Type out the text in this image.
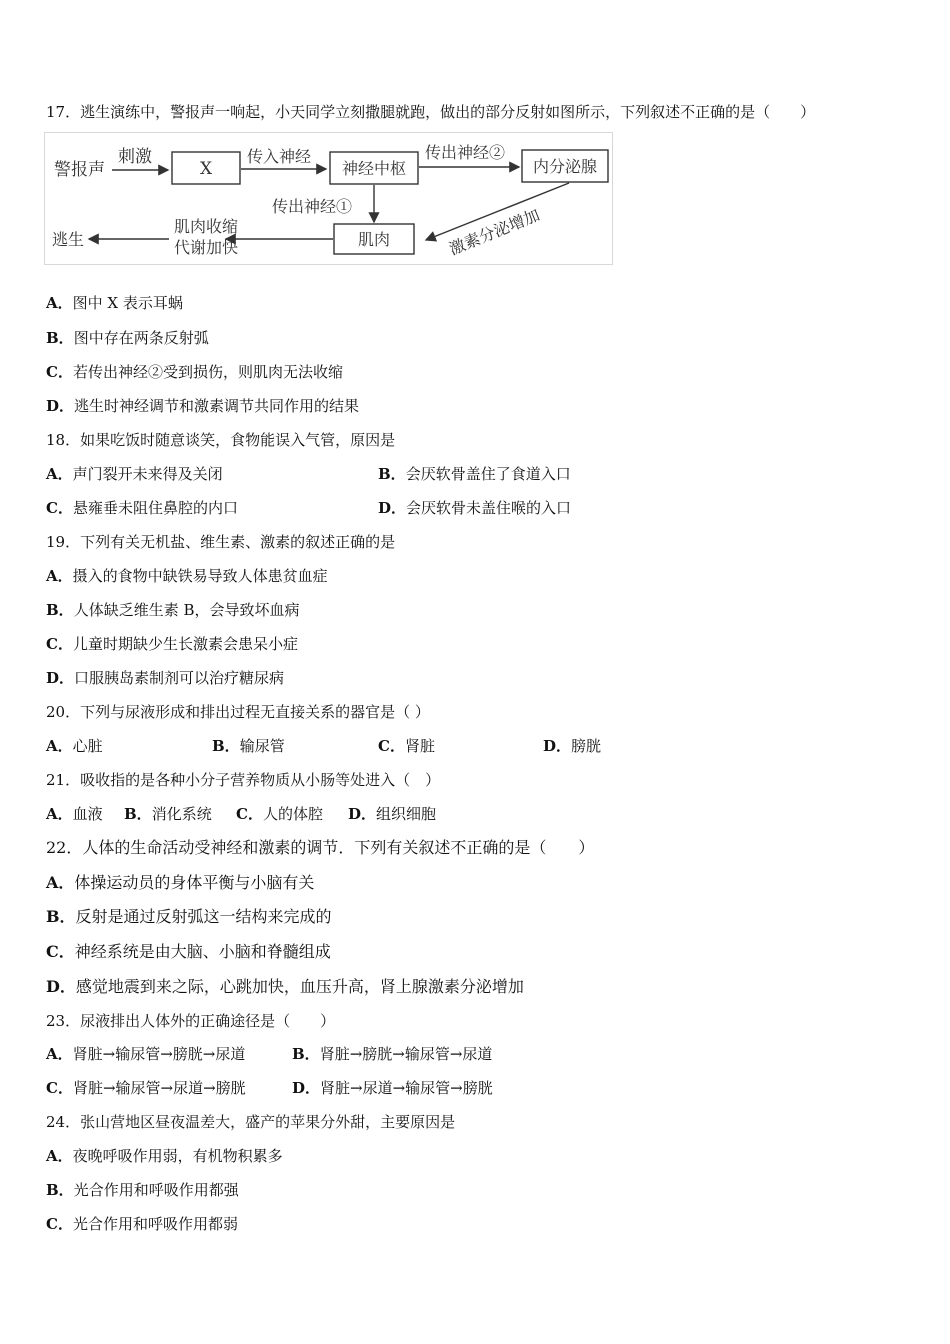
17．逃生演练中，警报声一响起，小天同学立刻撒腿就跑，做出的部分反射如图所示，下列叙述不正确的是（　　）
警报声
刺激
X
传入神经
神经中枢
传出神经②
内分泌腺
传出神经①	激素分泌增加
肌肉
肌肉收缩
代谢加快
逃生
A．图中 X 表示耳蜗
B．图中存在两条反射弧
C．若传出神经②受到损伤，则肌肉无法收缩
D．逃生时神经调节和激素调节共同作用的结果
18．如果吃饭时随意谈笑，食物能误入气管，原因是
A．声门裂开未来得及关闭	B．会厌软骨盖住了食道入口
C．悬雍垂未阻住鼻腔的内口	D．会厌软骨未盖住喉的入口
19．下列有关无机盐、维生素、激素的叙述正确的是
A．摄入的食物中缺铁易导致人体患贫血症
B．人体缺乏维生素 B，会导致坏血病
C．儿童时期缺少生长激素会患呆小症
D．口服胰岛素制剂可以治疗糖尿病
20．下列与尿液形成和排出过程无直接关系的器官是（ ）
A．心脏	B．输尿管	C．肾脏	D．膀胱
21．吸收指的是各种小分子营养物质从小肠等处进入（　）
A．血液 B．消化系统 C．人的体腔 D．组织细胞
22．人体的生命活动受神经和激素的调节．下列有关叙述不正确的是（　　）
A．体操运动员的身体平衡与小脑有关
B．反射是通过反射弧这一结构来完成的
C．神经系统是由大脑、小脑和脊髓组成
D．感觉地震到来之际，心跳加快，血压升高，肾上腺激素分泌增加
23．尿液排出人体外的正确途径是（　　）
A．肾脏→输尿管→膀胱→尿道	B．肾脏→膀胱→输尿管→尿道
C．肾脏→输尿管→尿道→膀胱	D．肾脏→尿道→输尿管→膀胱
24．张山营地区昼夜温差大，盛产的苹果分外甜，主要原因是
A．夜晚呼吸作用弱，有机物积累多
B．光合作用和呼吸作用都强
C．光合作用和呼吸作用都弱
